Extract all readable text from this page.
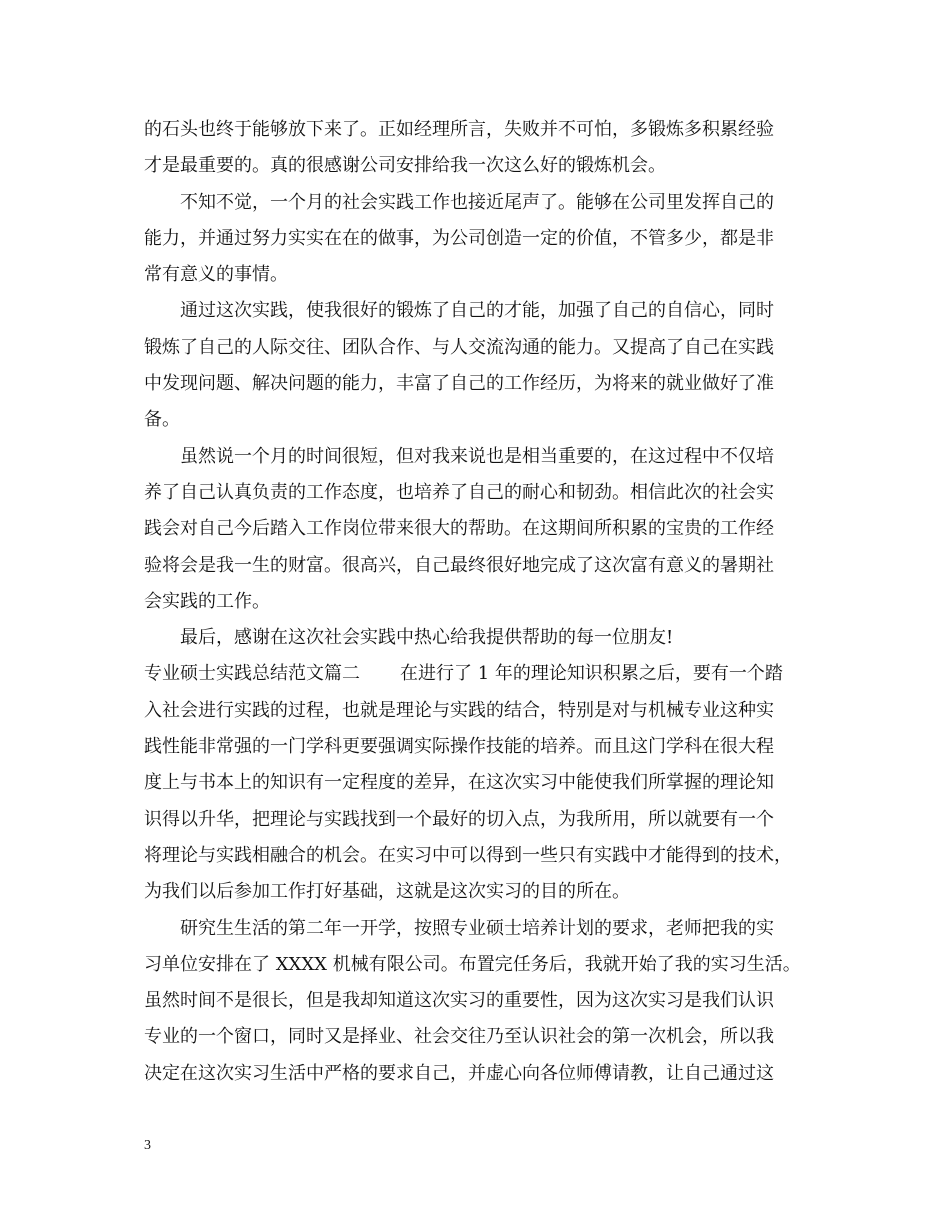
的石头也终于能够放下来了。正如经理所言，失败并不可怕，多锻炼多积累经验
才是最重要的。真的很感谢公司安排给我一次这么好的锻炼机会。
不知不觉，一个月的社会实践工作也接近尾声了。能够在公司里发挥自己的
能力，并通过努力实实在在的做事，为公司创造一定的价值，不管多少，都是非
常有意义的事情。
通过这次实践，使我很好的锻炼了自己的才能，加强了自己的自信心，同时
锻炼了自己的人际交往、团队合作、与人交流沟通的能力。又提高了自己在实践
中发现问题、解决问题的能力，丰富了自己的工作经历，为将来的就业做好了准
备。
虽然说一个月的时间很短，但对我来说也是相当重要的，在这过程中不仅培
养了自己认真负责的工作态度，也培养了自己的耐心和韧劲。相信此次的社会实
践会对自己今后踏入工作岗位带来很大的帮助。在这期间所积累的宝贵的工作经
验将会是我一生的财富。很高兴，自己最终很好地完成了这次富有意义的暑期社
会实践的工作。
最后，感谢在这次社会实践中热心给我提供帮助的每一位朋友!
专业硕士实践总结范文篇二 在进行了 1 年的理论知识积累之后，要有一个踏
入社会进行实践的过程，也就是理论与实践的结合，特别是对与机械专业这种实
践性能非常强的一门学科更要强调实际操作技能的培养。而且这门学科在很大程
度上与书本上的知识有一定程度的差异，在这次实习中能使我们所掌握的理论知
识得以升华，把理论与实践找到一个最好的切入点，为我所用，所以就要有一个
将理论与实践相融合的机会。在实习中可以得到一些只有实践中才能得到的技术，
为我们以后参加工作打好基础，这就是这次实习的目的所在。
研究生生活的第二年一开学，按照专业硕士培养计划的要求，老师把我的实
习单位安排在了 XXXX 机械有限公司。布置完任务后，我就开始了我的实习生活。
虽然时间不是很长，但是我却知道这次实习的重要性，因为这次实习是我们认识
专业的一个窗口，同时又是择业、社会交往乃至认识社会的第一次机会，所以我
决定在这次实习生活中严格的要求自己，并虚心向各位师傅请教，让自己通过这
3
